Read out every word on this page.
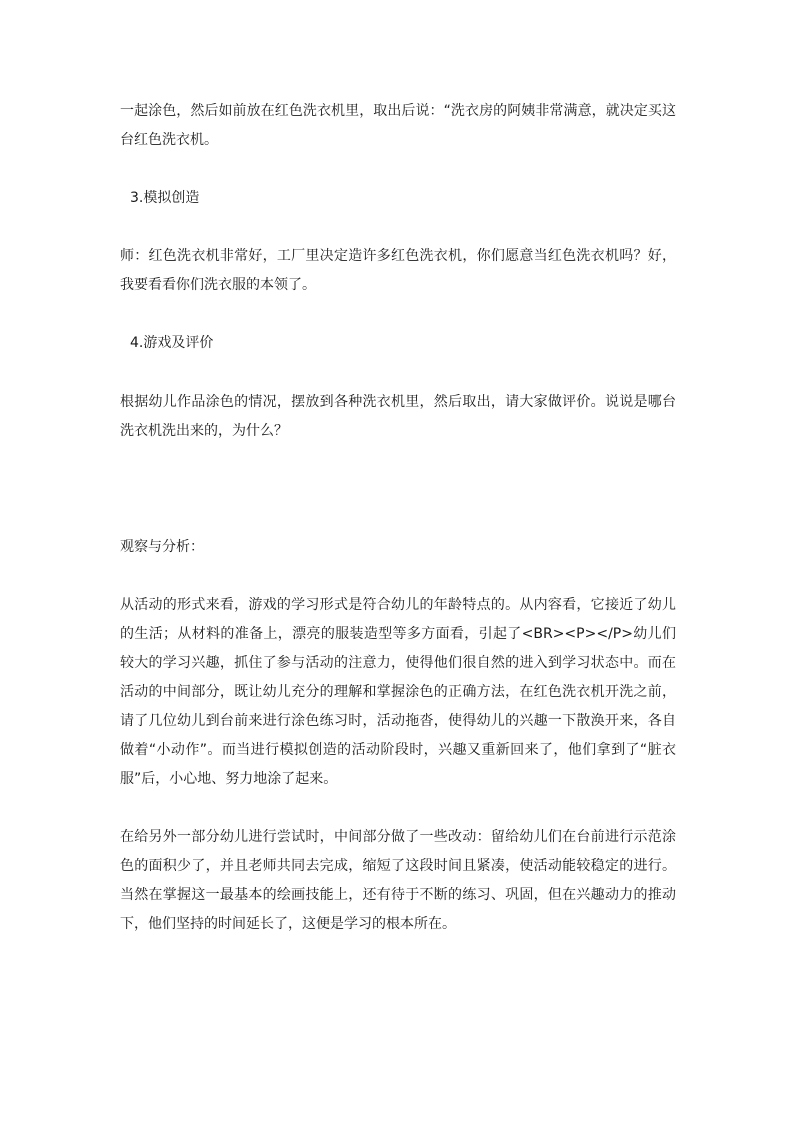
一起涂色，然后如前放在红色洗衣机里，取出后说：“洗衣房的阿姨非常满意，就决定买这台红色洗衣机。

3.模拟创造

师：红色洗衣机非常好，工厂里决定造许多红色洗衣机，你们愿意当红色洗衣机吗？好，我要看看你们洗衣服的本领了。

4.游戏及评价

根据幼儿作品涂色的情况，摆放到各种洗衣机里，然后取出，请大家做评价。说说是哪台洗衣机洗出来的，为什么？

观察与分析：

从活动的形式来看，游戏的学习形式是符合幼儿的年龄特点的。从内容看，它接近了幼儿的生活；从材料的准备上，漂亮的服装造型等多方面看，引起了<BR><P></P>幼儿们较大的学习兴趣，抓住了参与活动的注意力，使得他们很自然的进入到学习状态中。而在活动的中间部分，既让幼儿充分的理解和掌握涂色的正确方法，在红色洗衣机开洗之前，请了几位幼儿到台前来进行涂色练习时，活动拖沓，使得幼儿的兴趣一下散涣开来，各自做着“小动作”。而当进行模拟创造的活动阶段时，兴趣又重新回来了，他们拿到了“脏衣服”后，小心地、努力地涂了起来。

在给另外一部分幼儿进行尝试时，中间部分做了一些改动：留给幼儿们在台前进行示范涂色的面积少了，并且老师共同去完成，缩短了这段时间且紧凑，使活动能较稳定的进行。当然在掌握这一最基本的绘画技能上，还有待于不断的练习、巩固，但在兴趣动力的推动下，他们坚持的时间延长了，这便是学习的根本所在。
